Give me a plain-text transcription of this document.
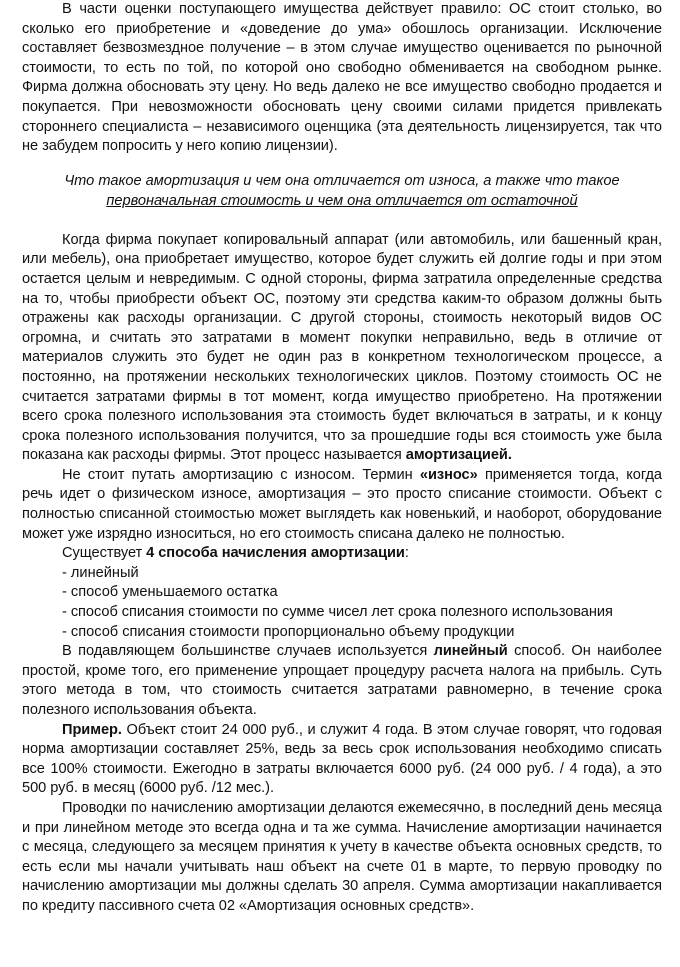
В части оценки поступающего имущества действует правило: ОС стоит столько, во сколько его приобретение и «доведение до ума» обошлось организации. Исключение составляет безвозмездное получение – в этом случае имущество оценивается по рыночной стоимости, то есть по той, по которой оно свободно обменивается на свободном рынке. Фирма должна обосновать эту цену. Но ведь далеко не все имущество свободно продается и покупается. При невозможности обосновать цену своими силами придется привлекать стороннего специалиста – независимого оценщика (эта деятельность лицензируется, так что не забудем попросить у него копию лицензии).

Что такое амортизация и чем она отличается от износа, а также что такое
первоначальная стоимость и чем она отличается от остаточной

Когда фирма покупает копировальный аппарат (или автомобиль, или башенный кран, или мебель), она приобретает имущество, которое будет служить ей долгие годы и при этом остается целым и невредимым. С одной стороны, фирма затратила определенные средства на то, чтобы приобрести объект ОС, поэтому эти средства каким-то образом должны быть отражены как расходы организации. С другой стороны, стоимость некоторый видов ОС огромна, и считать это затратами в момент покупки неправильно, ведь в отличие от материалов служить это будет не один раз в конкретном технологическом процессе, а постоянно, на протяжении нескольких технологических циклов. Поэтому стоимость ОС не считается затратами фирмы в тот момент, когда имущество приобретено. На протяжении всего срока полезного использования эта стоимость будет включаться в затраты, и к концу срока полезного использования получится, что за прошедшие годы вся стоимость уже была показана как расходы фирмы. Этот процесс называется амортизацией.

Не стоит путать амортизацию с износом. Термин «износ» применяется тогда, когда речь идет о физическом износе, амортизация – это просто списание стоимости. Объект с полностью списанной стоимостью может выглядеть как новенький, и наоборот, оборудование может уже изрядно износиться, но его стоимость списана далеко не полностью.

Существует 4 способа начисления амортизации:

- линейный

- способ уменьшаемого остатка

- способ списания стоимости по сумме чисел лет срока полезного использования

- способ списания стоимости пропорционально объему продукции

В подавляющем большинстве случаев используется линейный способ. Он наиболее простой, кроме того, его применение упрощает процедуру расчета налога на прибыль. Суть этого метода в том, что стоимость считается затратами равномерно, в течение срока полезного использования объекта.

Пример. Объект стоит 24 000 руб., и служит 4 года. В этом случае говорят, что годовая норма амортизации составляет 25%, ведь за весь срок использования необходимо списать все 100% стоимости. Ежегодно в затраты включается 6000 руб. (24 000 руб. / 4 года), а это 500 руб. в месяц (6000 руб. /12 мес.).

Проводки по начислению амортизации делаются ежемесячно, в последний день месяца и при линейном методе это всегда одна и та же сумма. Начисление амортизации начинается с месяца, следующего за месяцем принятия к учету в качестве объекта основных средств, то есть если мы начали учитывать наш объект на счете 01 в марте, то первую проводку по начислению амортизации мы должны сделать 30 апреля. Сумма амортизации накапливается по кредиту пассивного счета 02 «Амортизация основных средств».
